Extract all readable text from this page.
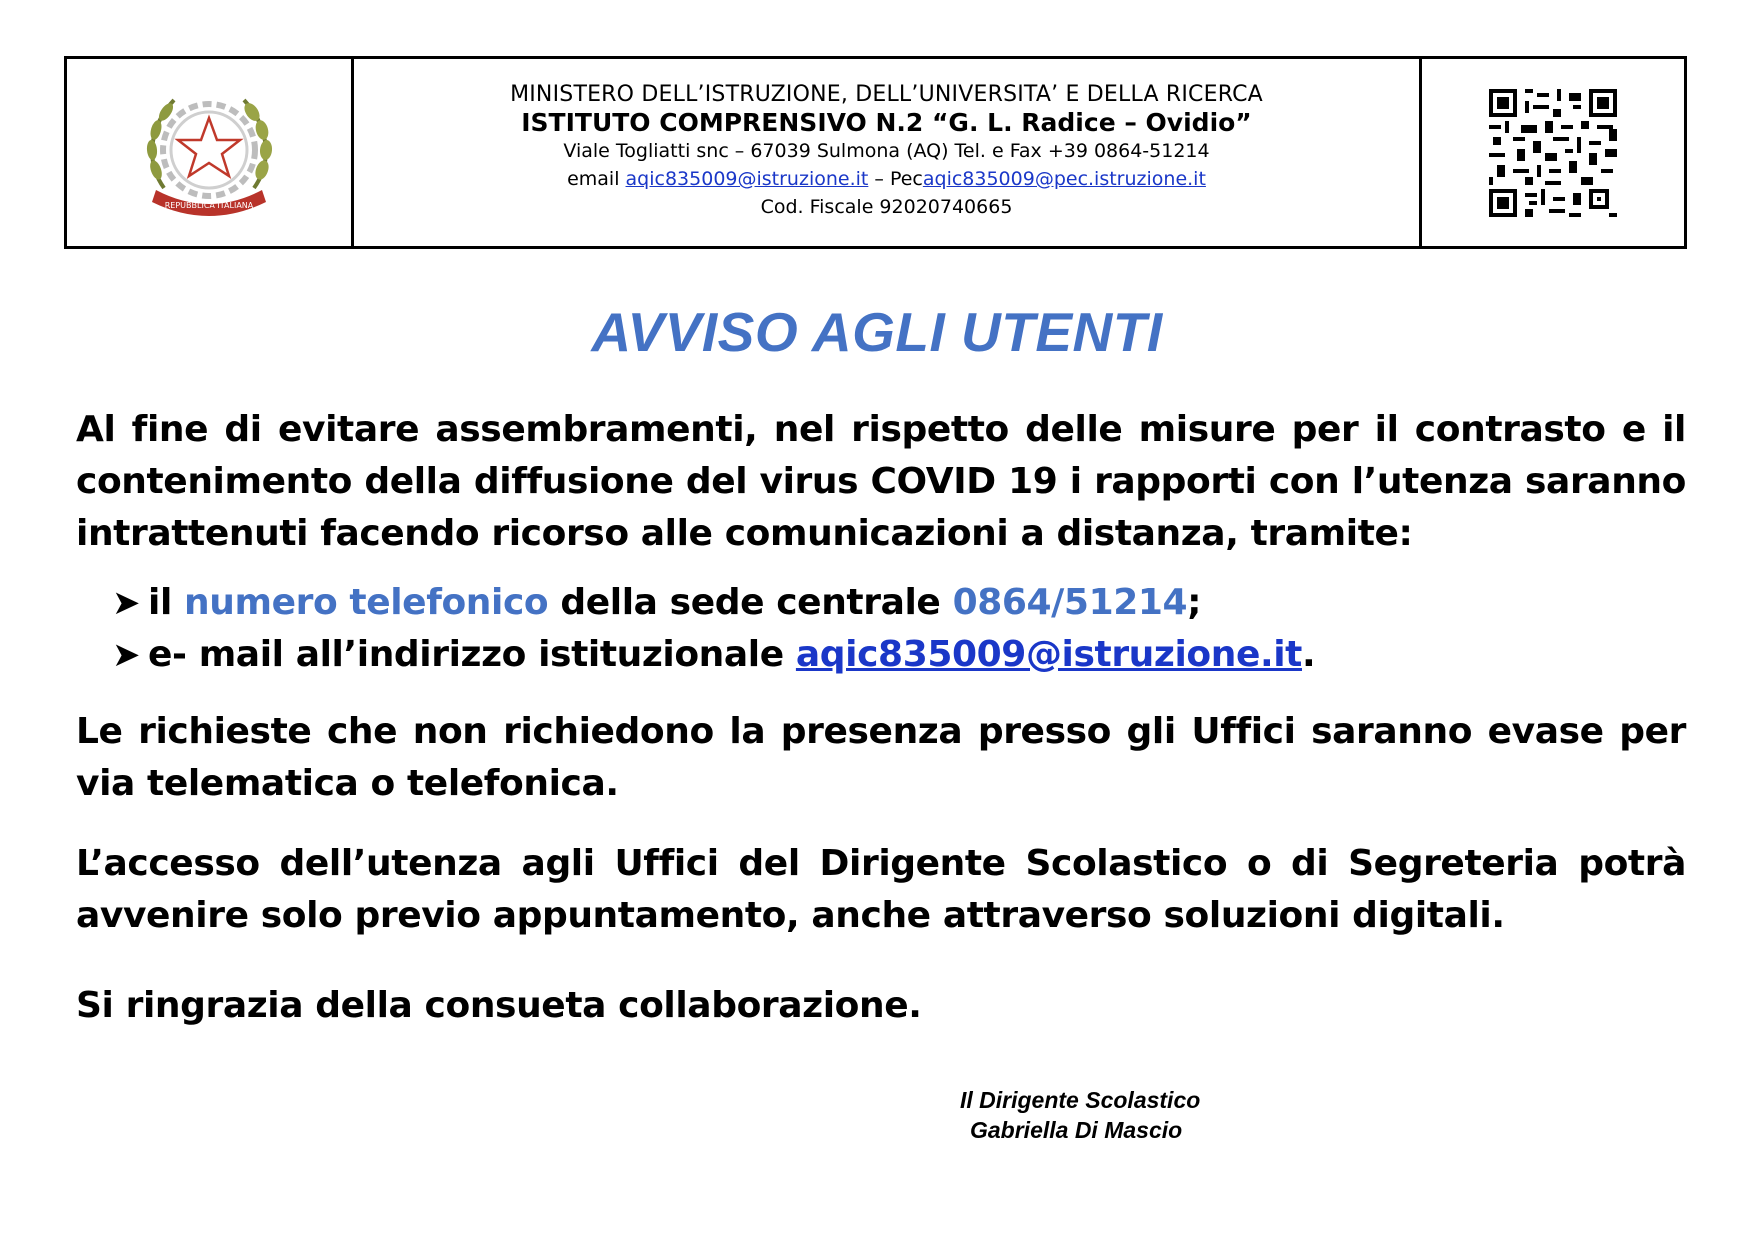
REPUBBLICA ITALIANA

MINISTERO DELL’ISTRUZIONE, DELL’UNIVERSITA’ E DELLA RICERCA

ISTITUTO COMPRENSIVO N.2 “G. L. Radice – Ovidio”

Viale Togliatti snc – 67039 Sulmona (AQ) Tel. e Fax +39 0864-51214

email aqic835009@istruzione.it – Pecaqic835009@pec.istruzione.it

Cod. Fiscale 92020740665

AVVISO AGLI UTENTI

Al fine di evitare assembramenti, nel rispetto delle misure per il contrasto e il contenimento della diffusione del virus COVID 19 i rapporti con l’utenza saranno intrattenuti facendo ricorso alle comunicazioni a distanza, tramite:

➤ il numero telefonico della sede centrale 0864/51214;
➤ e- mail all’indirizzo istituzionale aqic835009@istruzione.it.

Le richieste che non richiedono la presenza presso gli Uffici saranno evase per via telematica o telefonica.

L’accesso dell’utenza agli Uffici del Dirigente Scolastico o di Segreteria potrà avvenire solo previo appuntamento, anche attraverso soluzioni digitali.

Si ringrazia della consueta collaborazione.

Il Dirigente Scolastico
Gabriella Di Mascio
